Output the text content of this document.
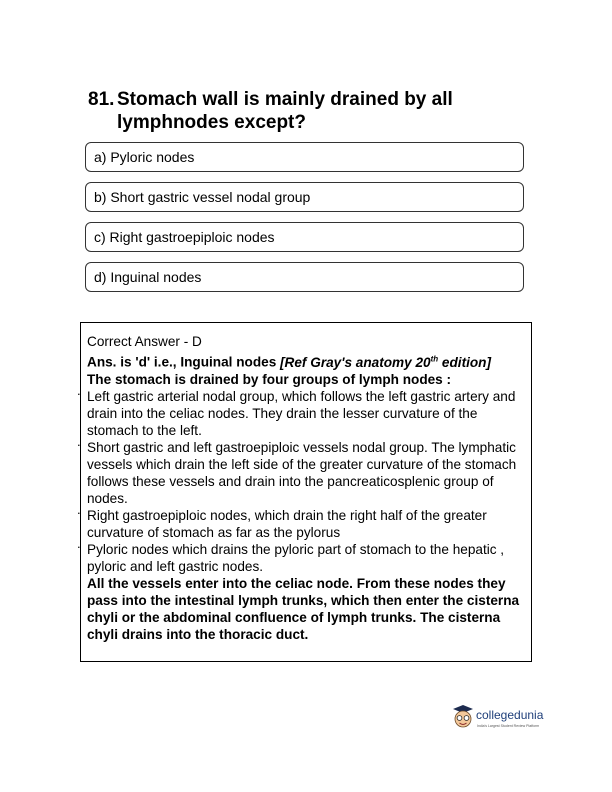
81. Stomach wall is mainly drained by all lymphnodes except?
a) Pyloric nodes
b) Short gastric vessel nodal group
c) Right gastroepiploic nodes
d) Inguinal nodes

Correct Answer - D

Ans. is 'd' i.e., Inguinal nodes [Ref Gray's anatomy 20th edition]

The stomach is drained by four groups of lymph nodes :

. Left gastric arterial nodal group, which follows the left gastric artery and drain into the celiac nodes. They drain the lesser curvature of the stomach to the left.

. Short gastric and left gastroepiploic vessels nodal group. The lymphatic vessels which drain the left side of the greater curvature of the stomach follows these vessels and drain into the pancreaticosplenic group of nodes.

. Right gastroepiploic nodes, which drain the right half of the greater curvature of stomach as far as the pylorus

. Pyloric nodes which drains the pyloric part of stomach to the hepatic , pyloric and left gastric nodes.

All the vessels enter into the celiac node. From these nodes they pass into the intestinal lymph trunks, which then enter the cisterna chyli or the abdominal confluence of lymph trunks. The cisterna chyli drains into the thoracic duct.

collegedunia
India's Largest Student Review Platform
